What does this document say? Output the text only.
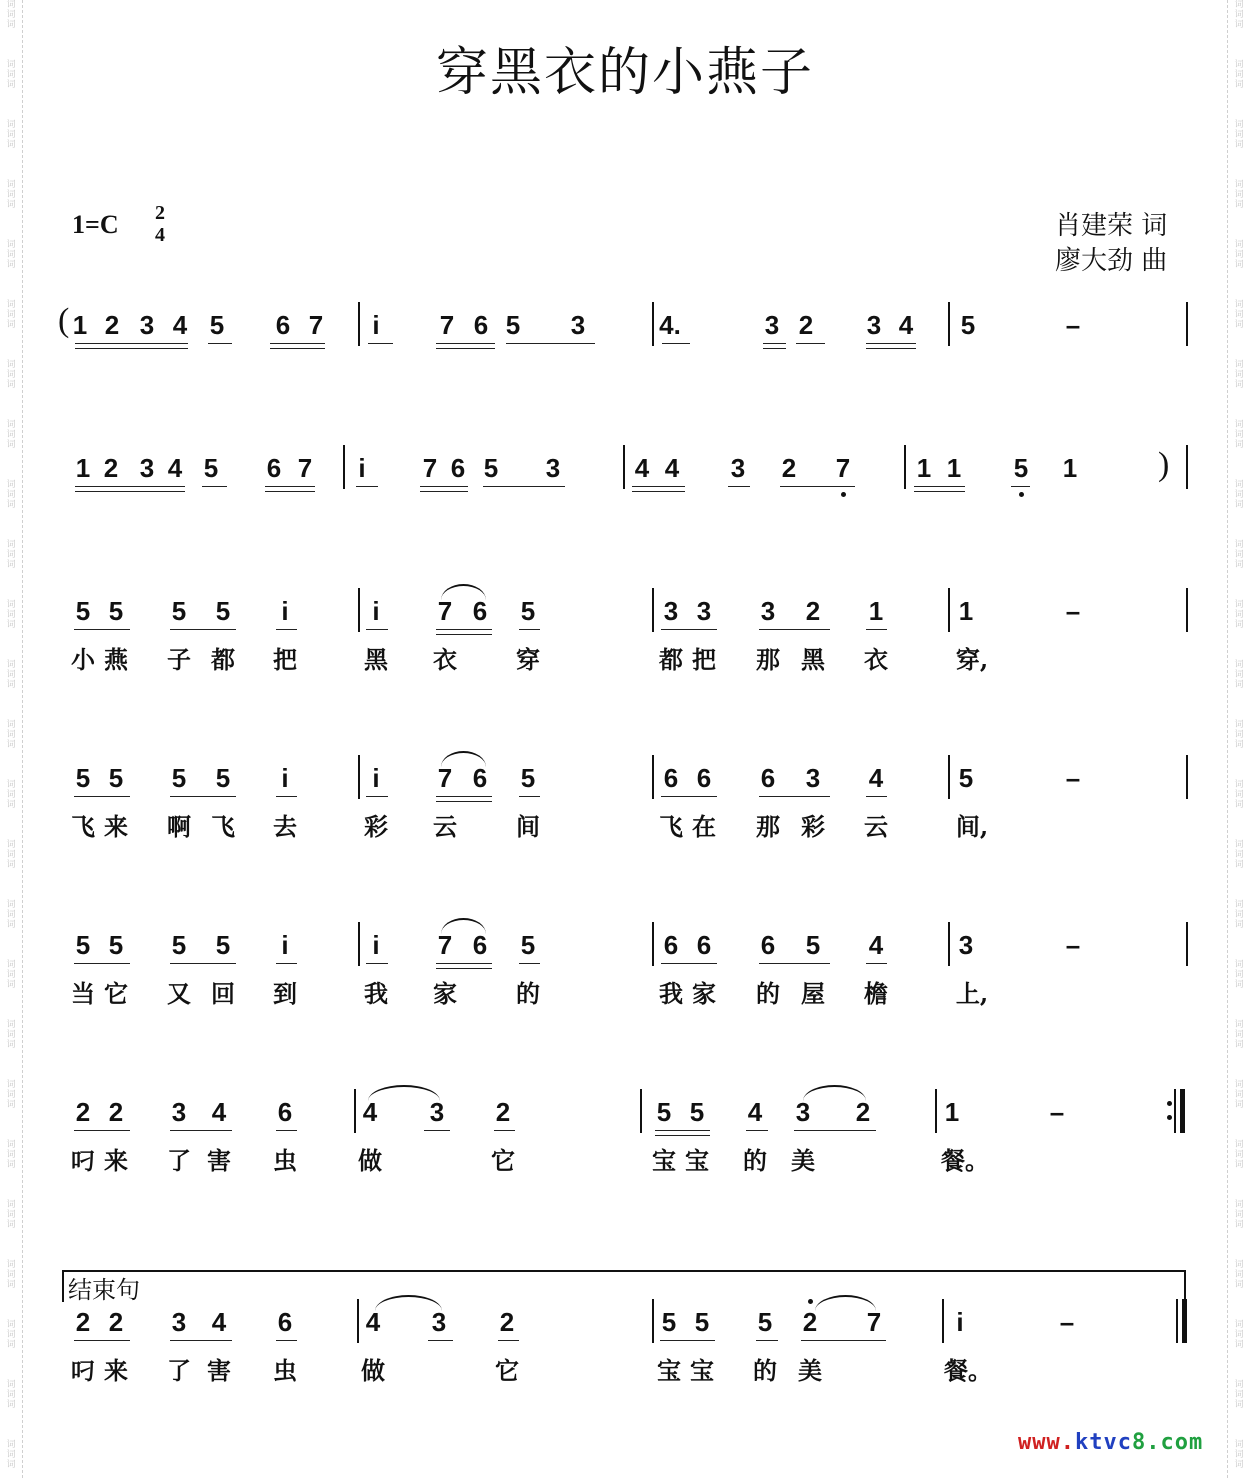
穿黑衣的小燕子
1=C 2
4	肖建荣 词
廖大劲 曲
1 2 3 4 5 6 7 i 7 6 5 3	4.	3 2 3 4 5	–
1 2 3 4 5 6 7 i 7 6 5 3	4 4 3 2 7	1 1 5 1
5 5 5 5 i	i 7 6 5	3 3 3 2 1	1	–
小 燕 子 都 把	黑 衣 穿	都 把 那 黑 衣	穿,
5 5 5 5 i	i 7 6 5	6 6 6 3 4	5	–
飞 来 啊 飞 去	彩 云 间	飞 在 那 彩 云	间,
5 5 5 5 i	i 7 6 5	6 6 6 5 4	3	–
当 它 又 回 到	我 家 的	我 家 的 屋 檐	上,
2 2 3 4 6	4 3 2	5 5 4 3 2	1	–
叼 来 了 害 虫	做	它	宝 宝 的 美	餐。
2 2 3 4 6	4 3 2	5 5 5 2 7	i	–
叼 来 了 害 虫	做	它	宝 宝 的 美	餐。
(
)
结束句
www.ktvc8.com
词
词
词
词
词
词
词
词
词
词
词
词
词
词
词
词
词
词
词
词
词
词
词
词
词
词
词
词
词
词
词
词
词
词
词
词
词
词
词
词
词
词
词
词
词
词
词
词
词
词
词
词
词
词
词
词
词
词
词
词
词
词
词
词
词
词
词
词
词
词
词
词
词
词
词
词
词
词
词
词
词
词
词
词
词
词
词
词
词
词
词
词
词
词
词
词
词
词
词
词
词
词
词
词
词
词
词
词
词
词
词
词
词
词
词
词
词
词
词
词
词
词
词
词
词
词
词
词
词
词
词
词
词
词
词
词
词
词
词
词
词
词
词
词
词
词
词
词
词
词
